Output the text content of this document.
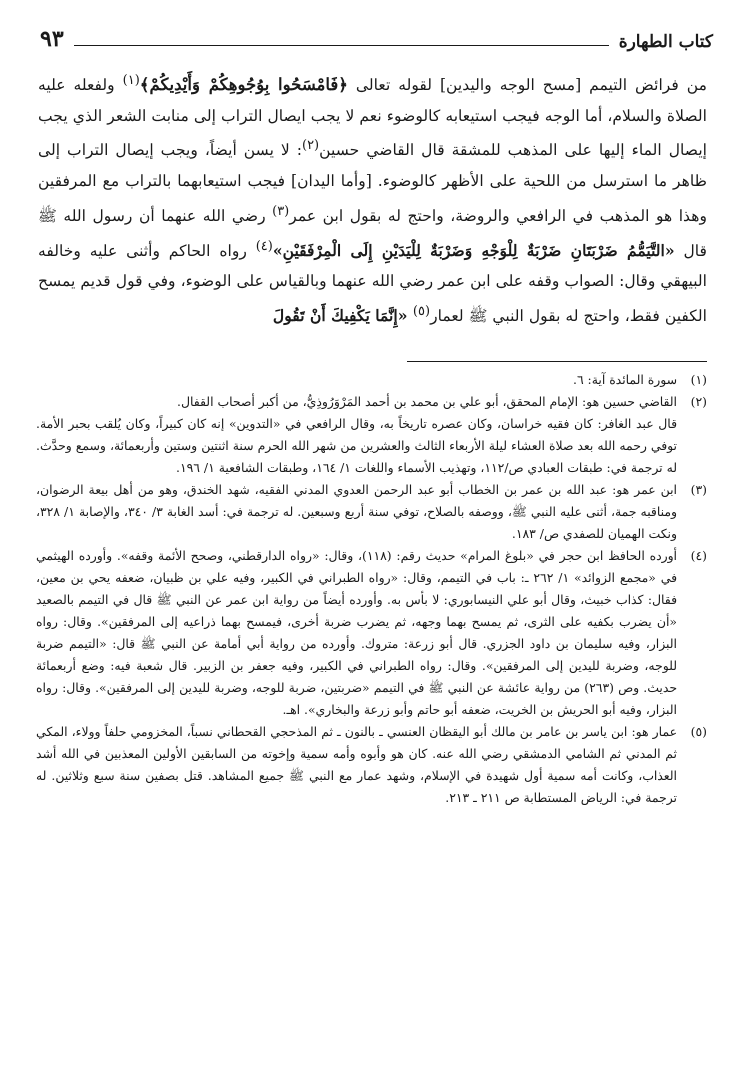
كتاب الطهارة
٩٣

من فرائض التيمم [مسح الوجه واليدين] لقوله تعالى ﴿فَامْسَحُوا بِوُجُوهِكُمْ وَأَيْدِيكُمْ﴾$^{(١)}$ ولفعله عليه الصلاة والسلام، أما الوجه فيجب استيعابه كالوضوء نعم لا يجب ايصال التراب إلى منابت الشعر الذي يجب إيصال الماء إليها على المذهب للمشقة قال القاضي حسين$^{(٢)}$: لا يسن أيضاً، ويجب إيصال التراب إلى ظاهر ما استرسل من اللحية على الأظهر كالوضوء. [وأما اليدان] فيجب استيعابهما بالتراب مع المرفقين وهذا هو المذهب في الرافعي والروضة، واحتج له بقول ابن عمر$^{(٣)}$ رضي الله عنهما أن رسول الله ﷺ قال «التَّيَمُّمُ ضَرْبَتَانِ ضَرْبَةٌ لِلْوَجْهِ وَضَرْبَةٌ لِلْيَدَيْنِ إِلَى الْمِرْفَقَيْنِ»$^{(٤)}$ رواه الحاكم وأثنى عليه وخالفه البيهقي وقال: الصواب وقفه على ابن عمر رضي الله عنهما وبالقياس على الوضوء، وفي قول قديم يمسح الكفين فقط، واحتج له بقول النبي ﷺ لعمار$^{(٥)}$ «إِنَّمَا يَكْفِيكَ أَنْ تَقُولَ

(١)

سورة المائدة آية: ٦.

(٢)

القاضي حسين هو: الإمام المحقق، أبو علي بن محمد بن أحمد المَرْوَرُوذِيُّ، من أكبر أصحاب القفال.

قال عبد الغافر: كان فقيه خراسان، وكان عصره تاريخاً به، وقال الرافعي في «التدوين» إنه كان كبيراً، وكان يُلقب بحبر الأمة. توفي رحمه الله بعد صلاة العشاء ليلة الأربعاء الثالث والعشرين من شهر الله الحرم سنة اثنتين وستين وأربعمائة، وسمع وحدَّث. له ترجمة في: طبقات العبادي ص/١١٢، وتهذيب الأسماء واللغات ١/ ١٦٤، وطبقات الشافعية ١/ ١٩٦.

(٣)

ابن عمر هو: عبد الله بن عمر بن الخطاب أبو عبد الرحمن العدوي المدني الفقيه، شهد الخندق، وهو من أهل بيعة الرضوان، ومناقبه جمة، أثنى عليه النبي ﷺ، ووصفه بالصلاح، توفي سنة أربع وسبعين. له ترجمة في: أسد الغابة ٣/ ٣٤٠، والإصابة ١/ ٣٢٨، ونكت الهميان للصفدي ص/ ١٨٣.

(٤)

أورده الحافظ ابن حجر في «بلوغ المرام» حديث رقم: (١١٨)، وقال: «رواه الدارقطني، وصحح الأئمة وقفه». وأورده الهيثمي في «مجمع الزوائد» ١/ ٢٦٢ ـ: باب في التيمم، وقال: «رواه الطبراني في الكبير، وفيه علي بن ظبيان، ضعفه يحي بن معين، فقال: كذاب خبيث، وقال أبو علي النيسابوري: لا بأس به. وأورده أيضاً من رواية ابن عمر عن النبي ﷺ قال في التيمم بالصعيد «أن يضرب بكفيه على الثرى، ثم يمسح بهما وجهه، ثم يضرب ضربة أخرى، فيمسح بهما ذراعيه إلى المرفقين». وقال: رواه البزار، وفيه سليمان بن داود الجزري. قال أبو زرعة: متروك. وأورده من رواية أبي أمامة عن النبي ﷺ قال: «التيمم ضربة للوجه، وضربة لليدين إلى المرفقين». وقال: رواه الطبراني في الكبير، وفيه جعفر بن الزبير. قال شعبة فيه: وضع أربعمائة حديث. وص (٢٦٣) من رواية عائشة عن النبي ﷺ في التيمم «ضربتين، ضربة للوجه، وضربة لليدين إلى المرفقين». وقال: رواه البزار، وفيه أبو الحريش بن الخريت، ضعفه أبو حاتم وأبو زرعة والبخاري». اهـ.

(٥)

عمار هو: ابن ياسر بن عامر بن مالك أبو اليقظان العنسي ـ بالنون ـ ثم المذحجي القحطاني نسباً، المخزومي حلفاً وولاء، المكي ثم المدني ثم الشامي الدمشقي رضي الله عنه. كان هو وأبوه وأمه سمية وإخوته من السابقين الأولين المعذبين في الله أشد العذاب، وكانت أمه سمية أول شهيدة في الإسلام، وشهد عمار مع النبي ﷺ جميع المشاهد. قتل بصفين سنة سبع وثلاثين. له ترجمة في: الرياض المستطابة ص ٢١١ ـ ٢١٣.
